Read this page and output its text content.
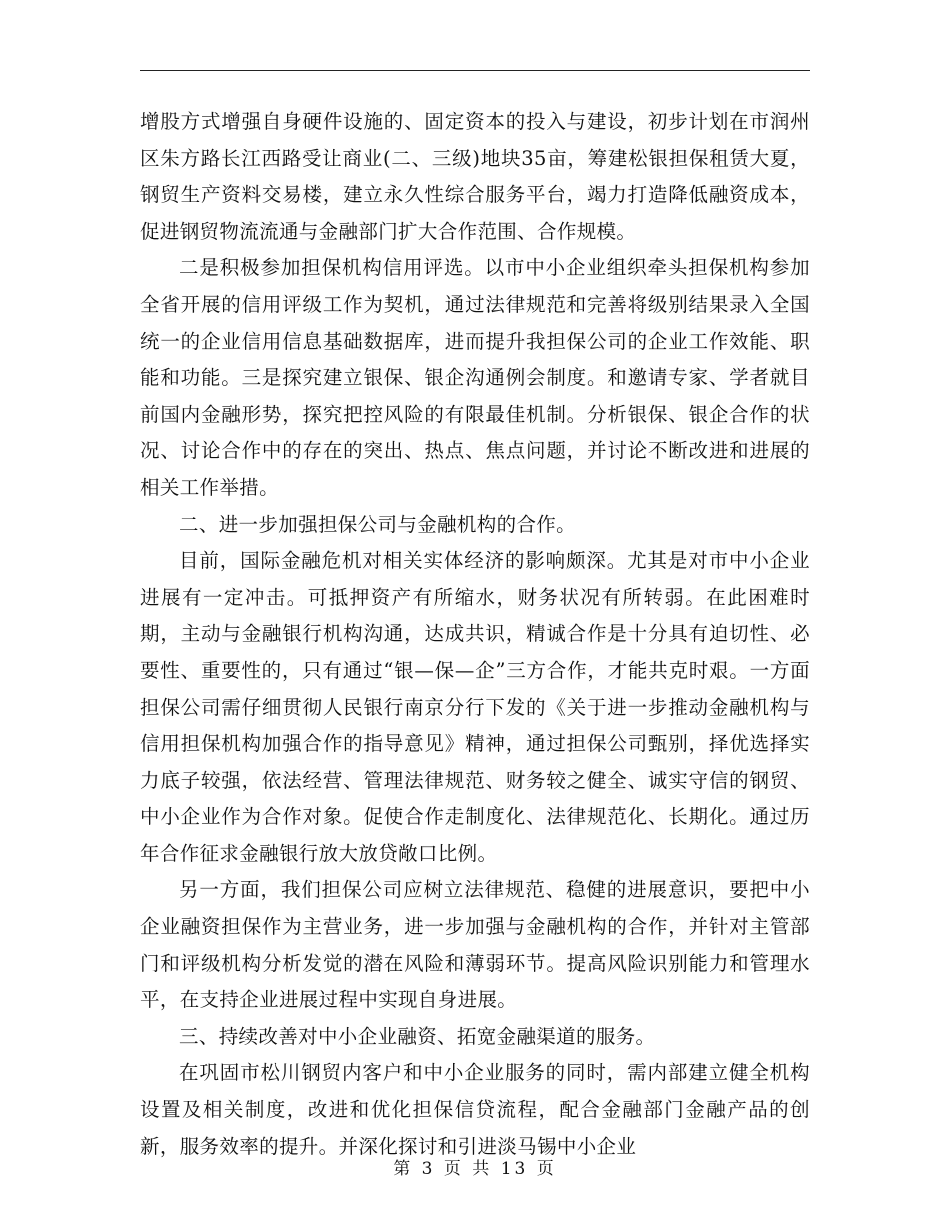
增股方式增强自身硬件设施的、固定资本的投入与建设，初步计划在市润州区朱方路长江西路受让商业(二、三级)地块35亩，筹建松银担保租赁大夏，钢贸生产资料交易楼，建立永久性综合服务平台，竭力打造降低融资成本，促进钢贸物流流通与金融部门扩大合作范围、合作规模。

二是积极参加担保机构信用评选。以市中小企业组织牵头担保机构参加全省开展的信用评级工作为契机，通过法律规范和完善将级别结果录入全国统一的企业信用信息基础数据库，进而提升我担保公司的企业工作效能、职能和功能。三是探究建立银保、银企沟通例会制度。和邀请专家、学者就目前国内金融形势，探究把控风险的有限最佳机制。分析银保、银企合作的状况、讨论合作中的存在的突出、热点、焦点问题，并讨论不断改进和进展的相关工作举措。

二、进一步加强担保公司与金融机构的合作。

目前，国际金融危机对相关实体经济的影响颇深。尤其是对市中小企业进展有一定冲击。可抵押资产有所缩水，财务状况有所转弱。在此困难时期，主动与金融银行机构沟通，达成共识，精诚合作是十分具有迫切性、必要性、重要性的，只有通过“银—保—企”三方合作，才能共克时艰。一方面担保公司需仔细贯彻人民银行南京分行下发的《关于进一步推动金融机构与信用担保机构加强合作的指导意见》精神，通过担保公司甄别，择优选择实力底子较强，依法经营、管理法律规范、财务较之健全、诚实守信的钢贸、中小企业作为合作对象。促使合作走制度化、法律规范化、长期化。通过历年合作征求金融银行放大放贷敞口比例。

另一方面，我们担保公司应树立法律规范、稳健的进展意识，要把中小企业融资担保作为主营业务，进一步加强与金融机构的合作，并针对主管部门和评级机构分析发觉的潜在风险和薄弱环节。提高风险识别能力和管理水平，在支持企业进展过程中实现自身进展。

三、持续改善对中小企业融资、拓宽金融渠道的服务。

在巩固市松川钢贸内客户和中小企业服务的同时，需内部建立健全机构设置及相关制度，改进和优化担保信贷流程，配合金融部门金融产品的创新，服务效率的提升。并深化探讨和引进淡马锡中小企业

第 3 页 共 13 页
